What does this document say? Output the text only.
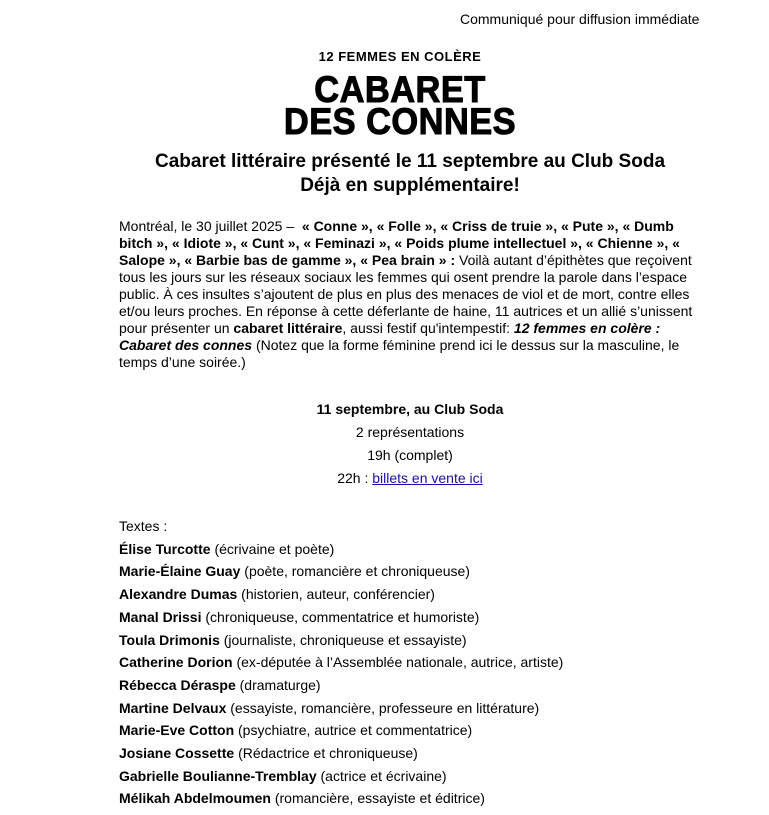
Communiqué pour diffusion immédiate
12 FEMMES EN COLÈRE
CABARET
DES CONNES
Cabaret littéraire présenté le 11 septembre au Club Soda
Déjà en supplémentaire!
Montréal, le 30 juillet 2025 – « Conne », « Folle », « Criss de truie », « Pute », « Dumb bitch », « Idiote », « Cunt », « Feminazi », « Poids plume intellectuel », « Chienne », « Salope », « Barbie bas de gamme », « Pea brain » : Voilà autant d’épithètes que reçoivent tous les jours sur les réseaux sociaux les femmes qui osent prendre la parole dans l’espace public. À ces insultes s’ajoutent de plus en plus des menaces de viol et de mort, contre elles et/ou leurs proches. En réponse à cette déferlante de haine, 11 autrices et un allié s’unissent pour présenter un cabaret littéraire, aussi festif qu'intempestif: 12 femmes en colère : Cabaret des connes (Notez que la forme féminine prend ici le dessus sur la masculine, le temps d’une soirée.)
11 septembre, au Club Soda
2 représentations
19h (complet)
22h : billets en vente ici
Textes :
Élise Turcotte (écrivaine et poète)
Marie-Élaine Guay (poète, romancière et chroniqueuse)
Alexandre Dumas (historien, auteur, conférencier)
Manal Drissi (chroniqueuse, commentatrice et humoriste)
Toula Drimonis (journaliste, chroniqueuse et essayiste)
Catherine Dorion (ex-députée à l’Assemblée nationale, autrice, artiste)
Rébecca Déraspe (dramaturge)
Martine Delvaux (essayiste, romancière, professeure en littérature)
Marie-Eve Cotton (psychiatre, autrice et commentatrice)
Josiane Cossette (Rédactrice et chroniqueuse)
Gabrielle Boulianne-Tremblay (actrice et écrivaine)
Mélikah Abdelmoumen (romancière, essayiste et éditrice)
